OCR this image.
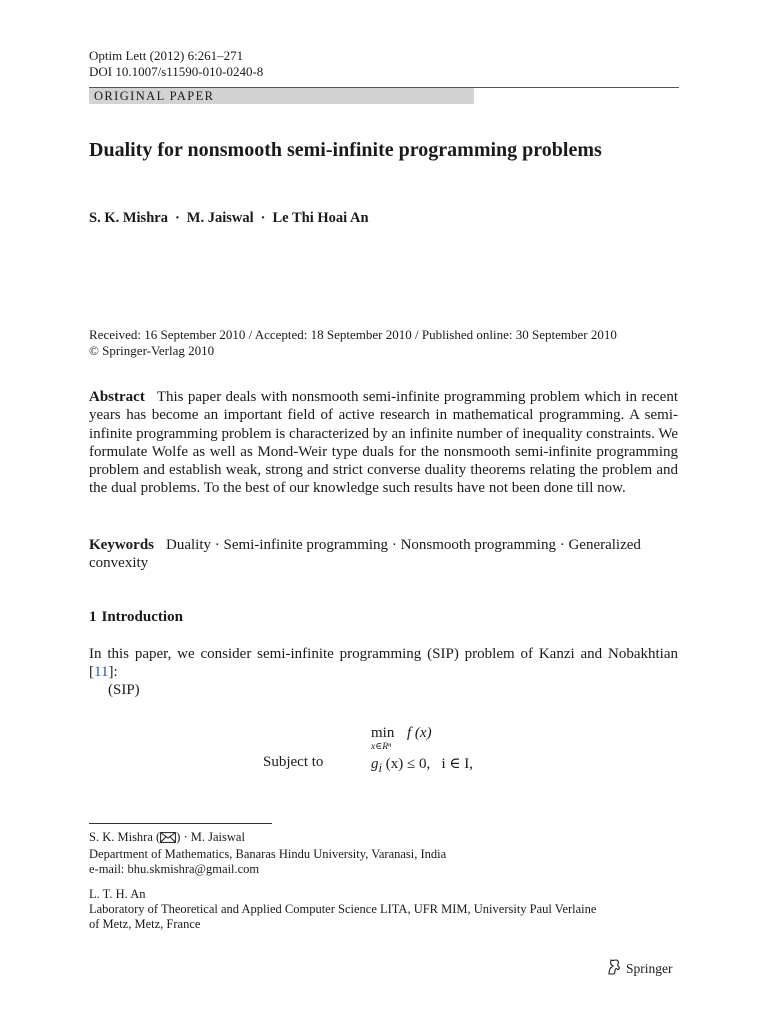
Optim Lett (2012) 6:261–271
DOI 10.1007/s11590-010-0240-8
ORIGINAL PAPER
Duality for nonsmooth semi-infinite programming problems
S. K. Mishra · M. Jaiswal · Le Thi Hoai An
Received: 16 September 2010 / Accepted: 18 September 2010 / Published online: 30 September 2010
© Springer-Verlag 2010
Abstract This paper deals with nonsmooth semi-infinite programming problem which in recent years has become an important field of active research in mathematical programming. A semi-infinite programming problem is characterized by an infinite number of inequality constraints. We formulate Wolfe as well as Mond-Weir type duals for the nonsmooth semi-infinite programming problem and establish weak, strong and strict converse duality theorems relating the problem and the dual problems. To the best of our knowledge such results have not been done till now.
Keywords Duality · Semi-infinite programming · Nonsmooth programming · Generalized convexity
1 Introduction
In this paper, we consider semi-infinite programming (SIP) problem of Kanzi and Nobakhtian [11]:
(SIP)
min
x∈Rⁿ
f (x)
Subject to	$g_i$ (x) ≤ 0, i ∈ I,
S. K. Mishra ( ) · M. Jaiswal
Department of Mathematics, Banaras Hindu University, Varanasi, India
e-mail: bhu.skmishra@gmail.com
L. T. H. An
Laboratory of Theoretical and Applied Computer Science LITA, UFR MIM, University Paul Verlaine
of Metz, Metz, France
Springer
